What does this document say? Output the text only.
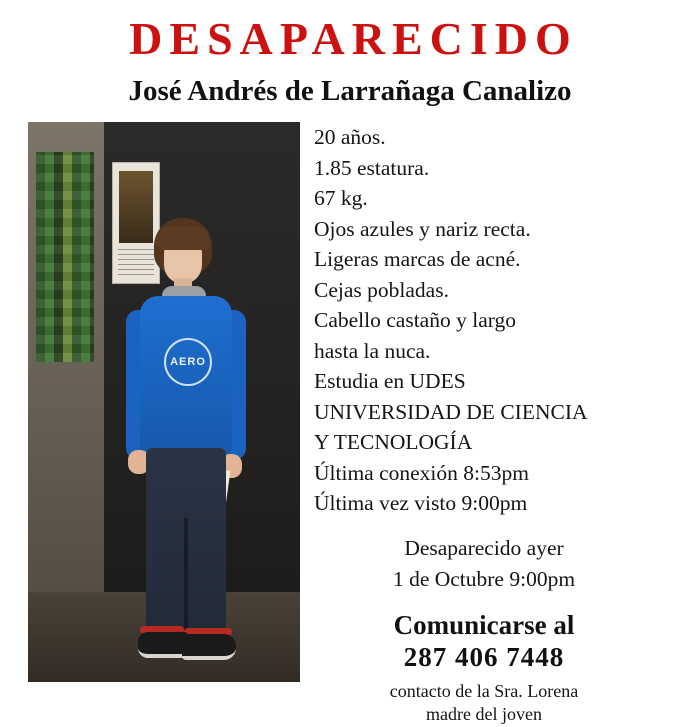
DESAPARECIDO
José Andrés de Larrañaga Canalizo
AERO
20 años.
1.85 estatura.
67 kg.
Ojos azules y nariz recta.
Ligeras marcas de acné.
Cejas pobladas.
Cabello castaño y largo
hasta la nuca.
Estudia en UDES
UNIVERSIDAD DE CIENCIA
Y TECNOLOGÍA
Última conexión 8:53pm
Última vez visto 9:00pm
Desaparecido ayer
1 de Octubre 9:00pm
Comunicarse al
287 406 7448
contacto de la Sra. Lorena
madre del joven
